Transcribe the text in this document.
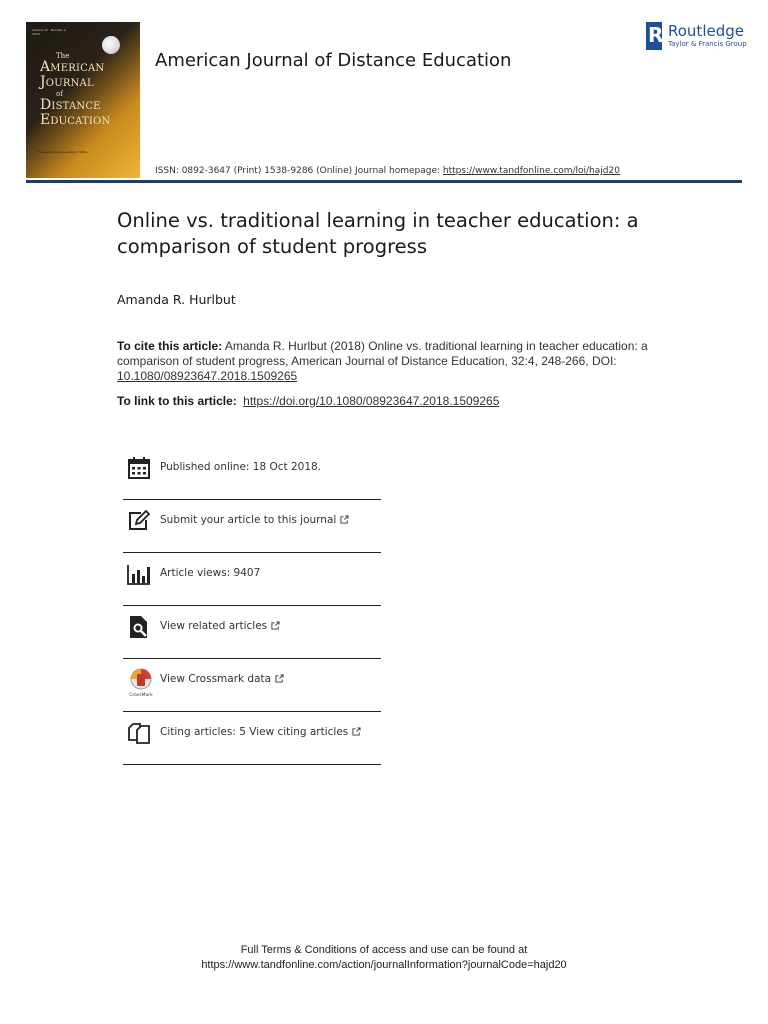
Volume 32 · Number 4 · 2018
The
American
Journal
of
Distance
Education
E-Learning and Learning Online
American Journal of Distance Education
R
Routledge
Taylor & Francis Group
ISSN: 0892-3647 (Print) 1538-9286 (Online) Journal homepage: https://www.tandfonline.com/loi/hajd20
Online vs. traditional learning in teacher education: a comparison of student progress
Amanda R. Hurlbut
To cite this article: Amanda R. Hurlbut (2018) Online vs. traditional learning in teacher education: a comparison of student progress, American Journal of Distance Education, 32:4, 248-266, DOI: 10.1080/08923647.2018.1509265
To link to this article: https://doi.org/10.1080/08923647.2018.1509265
Published online: 18 Oct 2018.
Submit your article to this journal
Article views: 9407
View related articles
CrossMark
View Crossmark data
Citing articles: 5 View citing articles
Full Terms & Conditions of access and use can be found at
https://www.tandfonline.com/action/journalInformation?journalCode=hajd20
